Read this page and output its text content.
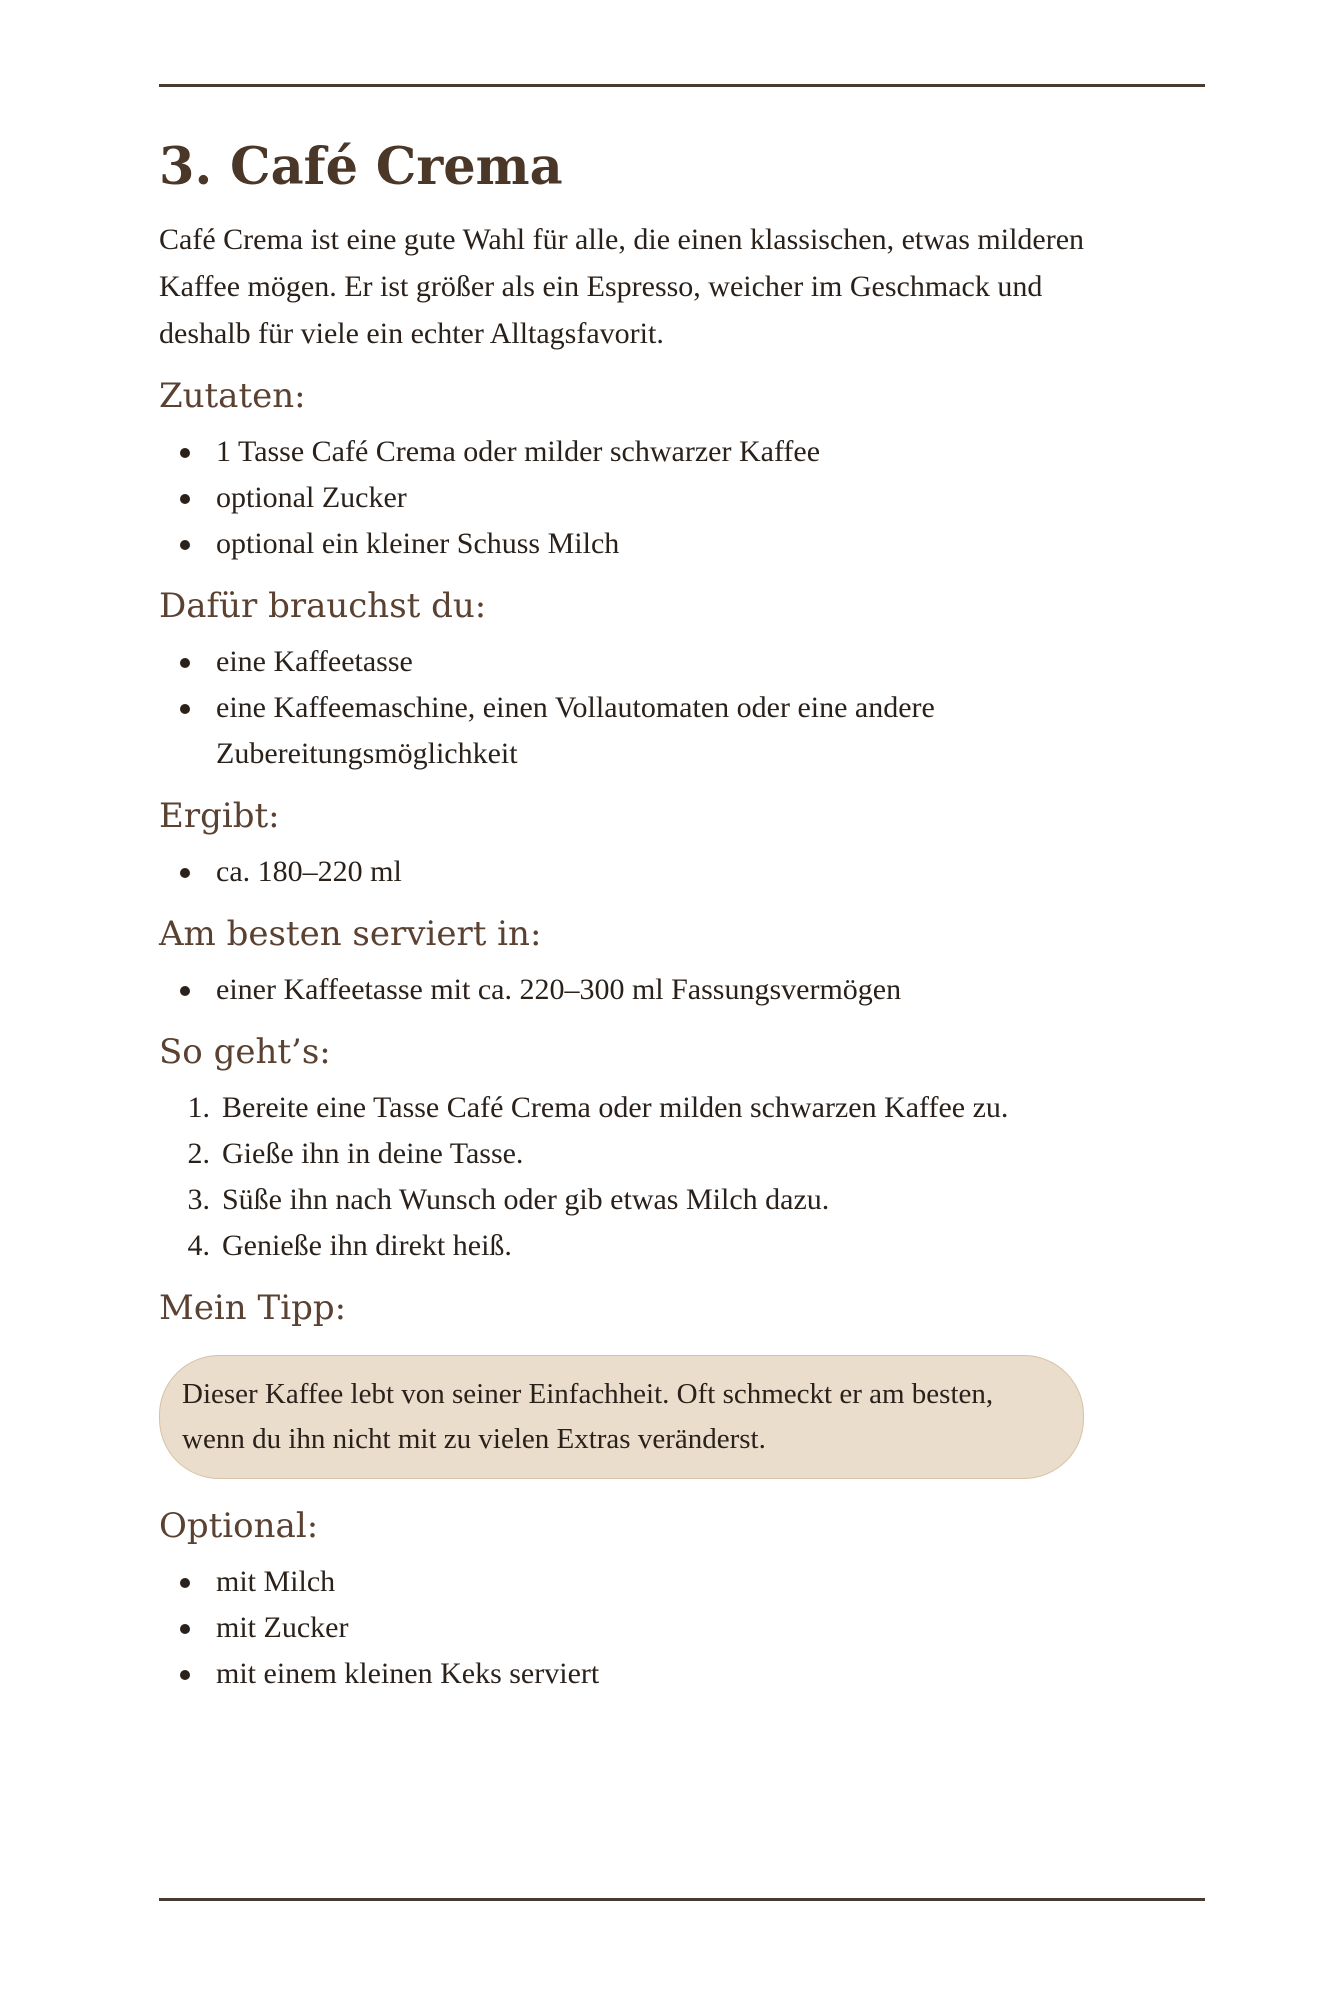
3. Café Crema

Café Crema ist eine gute Wahl für alle, die einen klassischen, etwas milderen Kaffee mögen. Er ist größer als ein Espresso, weicher im Geschmack und deshalb für viele ein echter Alltagsfavorit.

Zutaten:
1 Tasse Café Crema oder milder schwarzer Kaffee
optional Zucker
optional ein kleiner Schuss Milch
Dafür brauchst du:
eine Kaffeetasse
eine Kaffeemaschine, einen Vollautomaten oder eine andere Zubereitungsmöglichkeit
Ergibt:
ca. 180–220 ml
Am besten serviert in:
einer Kaffeetasse mit ca. 220–300 ml Fassungsvermögen
So geht’s:
1. Bereite eine Tasse Café Crema oder milden schwarzen Kaffee zu.
2. Gieße ihn in deine Tasse.
3. Süße ihn nach Wunsch oder gib etwas Milch dazu.
4. Genieße ihn direkt heiß.
Mein Tipp:
Dieser Kaffee lebt von seiner Einfachheit. Oft schmeckt er am besten, wenn du ihn nicht mit zu vielen Extras veränderst.
Optional:
mit Milch
mit Zucker
mit einem kleinen Keks serviert
